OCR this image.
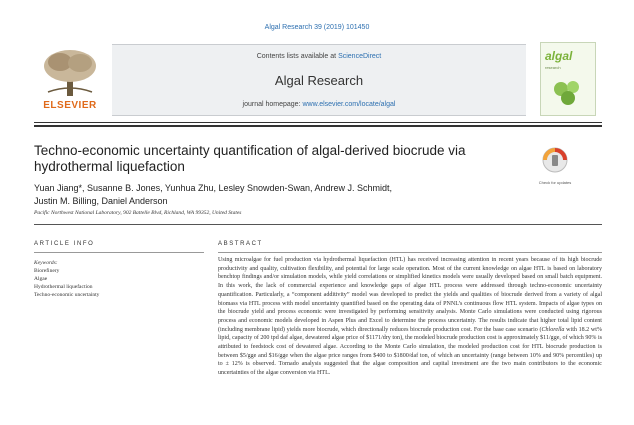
Algal Research 39 (2019) 101450
ELSEVIER
Contents lists available at ScienceDirect
Algal Research
journal homepage: www.elsevier.com/locate/algal
algal
research
Techno-economic uncertainty quantification of algal-derived biocrude via hydrothermal liquefaction
Check for updates
Yuan Jiang*, Susanne B. Jones, Yunhua Zhu, Lesley Snowden-Swan, Andrew J. Schmidt,
Justin M. Billing, Daniel Anderson
Pacific Northwest National Laboratory, 902 Battelle Blvd, Richland, WA 99352, United States
ARTICLE INFO	ABSTRACT
Keywords:
Biorefinery
Algae
Hydrothermal liquefaction
Techno-economic uncertainty

Using microalgae for fuel production via hydrothermal liquefaction (HTL) has received increasing attention in recent years because of its high biocrude productivity and quality, cultivation flexibility, and potential for large scale operation. Most of the current knowledge on algae HTL is based on laboratory benchtop findings and/or simulation models, while yield correlations or simplified kinetics models were usually developed based on small batch equipment. In this work, the lack of commercial experience and knowledge gaps of algae HTL process were addressed through techno-economic uncertainty quantification. Particularly, a “component additivity” model was developed to predict the yields and qualities of biocrude derived from a variety of algal biomass via HTL process with model uncertainty quantified based on the operating data of PNNL’s continuous flow HTL system. Impacts of algae types on the biocrude yield and process economic were investigated by performing sensitivity analysis. Monte Carlo simulations were conducted using rigorous process and economic models developed in Aspen Plus and Excel to determine the process uncertainty. The results indicate that higher total lipid content (including membrane lipid) yields more biocrude, which directionally reduces biocrude production cost. For the base case scenario (Chlorella with 18.2 wt% lipid, capacity of 200 tpd daf algae, dewatered algae price of $1171/dry ton), the modeled biocrude production cost is approximately $11/gge, of which 90% is attributed to feedstock cost of dewatered algae. According to the Monte Carlo simulation, the modeled production cost for HTL biocrude production is between $5/gge and $16/gge when the algae price ranges from $400 to $1800/daf ton, of which an uncertainty (range between 10% and 90% percentiles) up to ± 12% is observed. Tornado analysis suggested that the algae composition and capital investment are the two main contributors to the economic uncertainties of the algae conversion via HTL.
